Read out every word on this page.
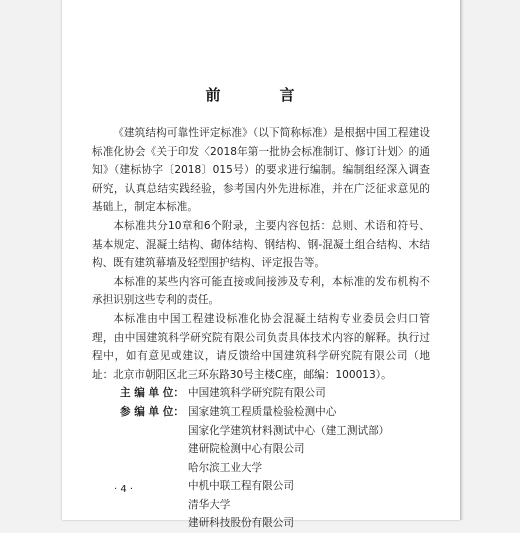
前　言

《建筑结构可靠性评定标准》（以下简称标准）是根据中国工程建设标准化协会《关于印发〈2018年第一批协会标准制订、修订计划〉的通知》（建标协字〔2018〕015号）的要求进行编制。编制组经深入调查研究，认真总结实践经验，参考国内外先进标准，并在广泛征求意见的基础上，制定本标准。

本标准共分10章和6个附录，主要内容包括：总则、术语和符号、基本规定、混凝土结构、砌体结构、钢结构、钢-混凝土组合结构、木结构、既有建筑幕墙及轻型围护结构、评定报告等。

本标准的某些内容可能直接或间接涉及专利，本标准的发布机构不承担识别这些专利的责任。

本标准由中国工程建设标准化协会混凝土结构专业委员会归口管理，由中国建筑科学研究院有限公司负责具体技术内容的解释。执行过程中，如有意见或建议，请反馈给中国建筑科学研究院有限公司（地址：北京市朝阳区北三环东路30号主楼C座，邮编：100013）。

主 编 单 位： 中国建筑科学研究院有限公司
参 编 单 位： 国家建筑工程质量检验检测中心
国家化学建筑材料测试中心（建工测试部）
建研院检测中心有限公司
哈尔滨工业大学
中机中联工程有限公司
清华大学
建研科技股份有限公司
· 4 ·
